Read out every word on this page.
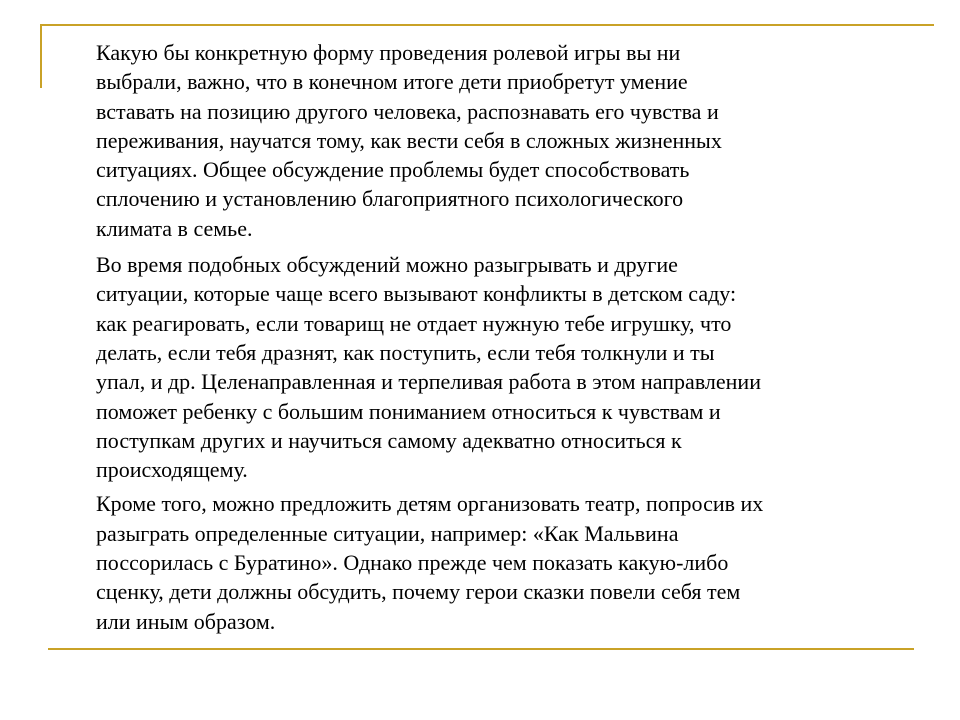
Какую бы конкретную форму проведения ролевой игры вы ни
выбрали, важно, что в конечном итоге дети приобретут умение
вставать на позицию другого человека, распознавать его чувства и
переживания, научатся тому, как вести себя в сложных жизненных
ситуациях. Общее обсуждение проблемы будет способствовать
сплочению и установлению благоприятного психологического
климата в семье.

Во время подобных обсуждений можно разыгрывать и другие
ситуации, которые чаще всего вызывают конфликты в детском саду:
как реагировать, если товарищ не отдает нужную тебе игрушку, что
делать, если тебя дразнят, как поступить, если тебя толкнули и ты
упал, и др. Целенаправленная и терпеливая работа в этом направлении
поможет ребенку с большим пониманием относиться к чувствам и
поступкам других и научиться самому адекватно относиться к
происходящему.

Кроме того, можно предложить детям организовать театр, попросив их
разыграть определенные ситуации, например: «Как Мальвина
поссорилась с Буратино». Однако прежде чем показать какую-либо
сценку, дети должны обсудить, почему герои сказки повели себя тем
или иным образом.
